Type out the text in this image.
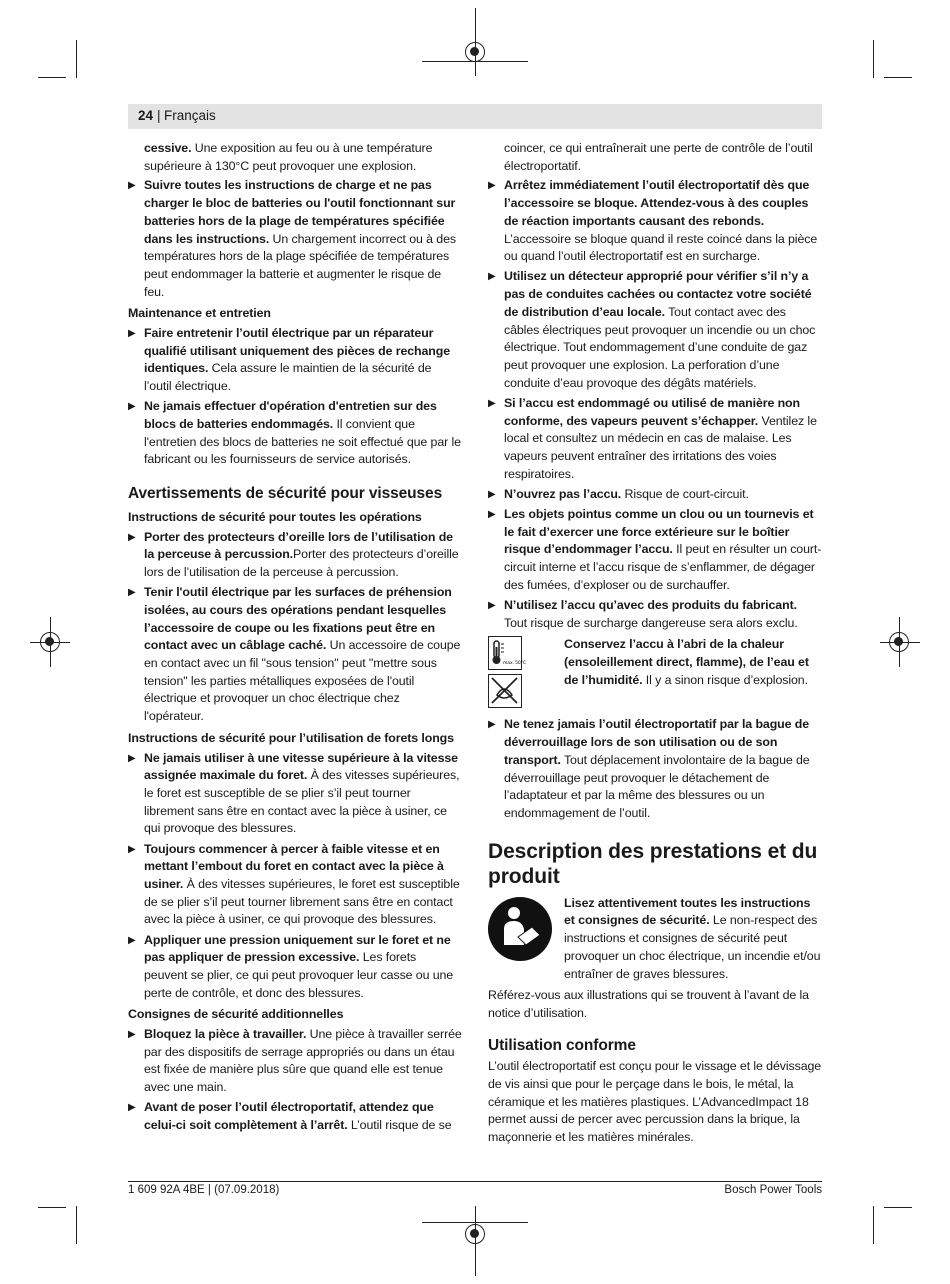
24 | Français

cessive. Une exposition au feu ou à une température supérieure à 130°C peut provoquer une explosion.

▶ Suivre toutes les instructions de charge et ne pas charger le bloc de batteries ou l'outil fonctionnant sur batteries hors de la plage de températures spécifiée dans les instructions. Un chargement incorrect ou à des températures hors de la plage spécifiée de températures peut endommager la batterie et augmenter le risque de feu.
Maintenance et entretien
▶ Faire entretenir l’outil électrique par un réparateur qualifié utilisant uniquement des pièces de rechange identiques. Cela assure le maintien de la sécurité de l’outil électrique.
▶ Ne jamais effectuer d'opération d'entretien sur des blocs de batteries endommagés. Il convient que l'entretien des blocs de batteries ne soit effectué que par le fabricant ou les fournisseurs de service autorisés.
Avertissements de sécurité pour visseuses
Instructions de sécurité pour toutes les opérations
▶ Porter des protecteurs d’oreille lors de l’utilisation de la perceuse à percussion.Porter des protecteurs d’oreille lors de l’utilisation de la perceuse à percussion.
▶ Tenir l'outil électrique par les surfaces de préhension isolées, au cours des opérations pendant lesquelles l’accessoire de coupe ou les fixations peut être en contact avec un câblage caché. Un accessoire de coupe en contact avec un fil "sous tension" peut "mettre sous tension" les parties métalliques exposées de l'outil électrique et provoquer un choc électrique chez l'opérateur.
Instructions de sécurité pour l’utilisation de forets longs
▶ Ne jamais utiliser à une vitesse supérieure à la vitesse assignée maximale du foret. À des vitesses supérieures, le foret est susceptible de se plier s’il peut tourner librement sans être en contact avec la pièce à usiner, ce qui provoque des blessures.
▶ Toujours commencer à percer à faible vitesse et en mettant l’embout du foret en contact avec la pièce à usiner. À des vitesses supérieures, le foret est susceptible de se plier s’il peut tourner librement sans être en contact avec la pièce à usiner, ce qui provoque des blessures.
▶ Appliquer une pression uniquement sur le foret et ne pas appliquer de pression excessive. Les forets peuvent se plier, ce qui peut provoquer leur casse ou une perte de contrôle, et donc des blessures.
Consignes de sécurité additionnelles
▶ Bloquez la pièce à travailler. Une pièce à travailler serrée par des dispositifs de serrage appropriés ou dans un étau est fixée de manière plus sûre que quand elle est tenue avec une main.
▶ Avant de poser l’outil électroportatif, attendez que celui-ci soit complètement à l’arrêt. L’outil risque de se

coincer, ce qui entraînerait une perte de contrôle de l’outil électroportatif.

▶ Arrêtez immédiatement l’outil électroportatif dès que l’accessoire se bloque. Attendez-vous à des couples de réaction importants causant des rebonds. L’accessoire se bloque quand il reste coincé dans la pièce ou quand l’outil électroportatif est en surcharge.
▶ Utilisez un détecteur approprié pour vérifier s’il n’y a pas de conduites cachées ou contactez votre société de distribution d’eau locale. Tout contact avec des câbles électriques peut provoquer un incendie ou un choc électrique. Tout endommagement d’une conduite de gaz peut provoquer une explosion. La perforation d’une conduite d’eau provoque des dégâts matériels.
▶ Si l’accu est endommagé ou utilisé de manière non conforme, des vapeurs peuvent s’échapper. Ventilez le local et consultez un médecin en cas de malaise. Les vapeurs peuvent entraîner des irritations des voies respiratoires.
▶ N’ouvrez pas l’accu. Risque de court-circuit.
▶ Les objets pointus comme un clou ou un tournevis et le fait d’exercer une force extérieure sur le boîtier risque d’endommager l’accu. Il peut en résulter un court-circuit interne et l’accu risque de s’enflammer, de dégager des fumées, d’exploser ou de surchauffer.
▶ N’utilisez l’accu qu’avec des produits du fabricant. Tout risque de surcharge dangereuse sera alors exclu.
max. 50°C
Conservez l’accu à l’abri de la chaleur (ensoleillement direct, flamme), de l’eau et de l’humidité. Il y a sinon risque d’explosion.
▶ Ne tenez jamais l’outil électroportatif par la bague de déverrouillage lors de son utilisation ou de son transport. Tout déplacement involontaire de la bague de déverrouillage peut provoquer le détachement de l’adaptateur et par la même des blessures ou un endommagement de l’outil.
Description des prestations et du produit
Lisez attentivement toutes les instructions et consignes de sécurité. Le non-respect des instructions et consignes de sécurité peut provoquer un choc électrique, un incendie et/ou entraîner de graves blessures.

Référez-vous aux illustrations qui se trouvent à l’avant de la notice d’utilisation.

Utilisation conforme

L’outil électroportatif est conçu pour le vissage et le dévissage de vis ainsi que pour le perçage dans le bois, le métal, la céramique et les matières plastiques. L’AdvancedImpact 18 permet aussi de percer avec percussion dans la brique, la maçonnerie et les matières minérales.

1 609 92A 4BE | (07.09.2018)	Bosch Power Tools
